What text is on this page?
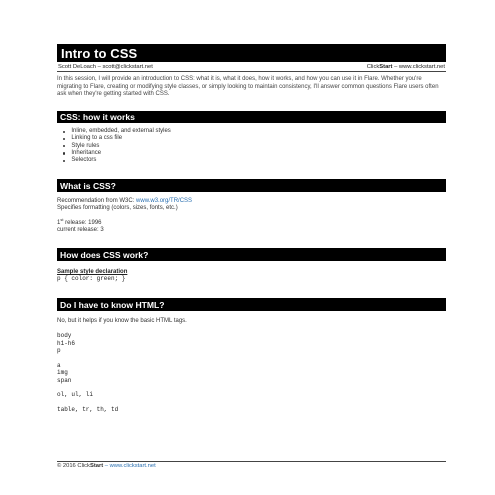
Intro to CSS
Scott DeLoach – scott@clickstart.net	ClickStart – www.clickstart.net
In this session, I will provide an introduction to CSS: what it is, what it does, how it works, and how you can use it in Flare. Whether you're migrating to Flare, creating or modifying style classes, or simply looking to maintain consistency, I'll answer common questions Flare users often ask when they're getting started with CSS.
CSS: how it works
Inline, embedded, and external styles
Linking to a css file
Style rules
Inheritance
Selectors
What is CSS?
Recommendation from W3C: www.w3.org/TR/CSS
Specifies formatting (colors, sizes, fonts, etc.)
1st release: 1996
current release: 3
How does CSS work?
Sample style declaration
p { color: green; }
Do I have to know HTML?
No, but it helps if you know the basic HTML tags.
body
h1-h6
p
a
img
span
ol, ul, li
table, tr, th, td
© 2016 ClickStart – www.clickstart.net
